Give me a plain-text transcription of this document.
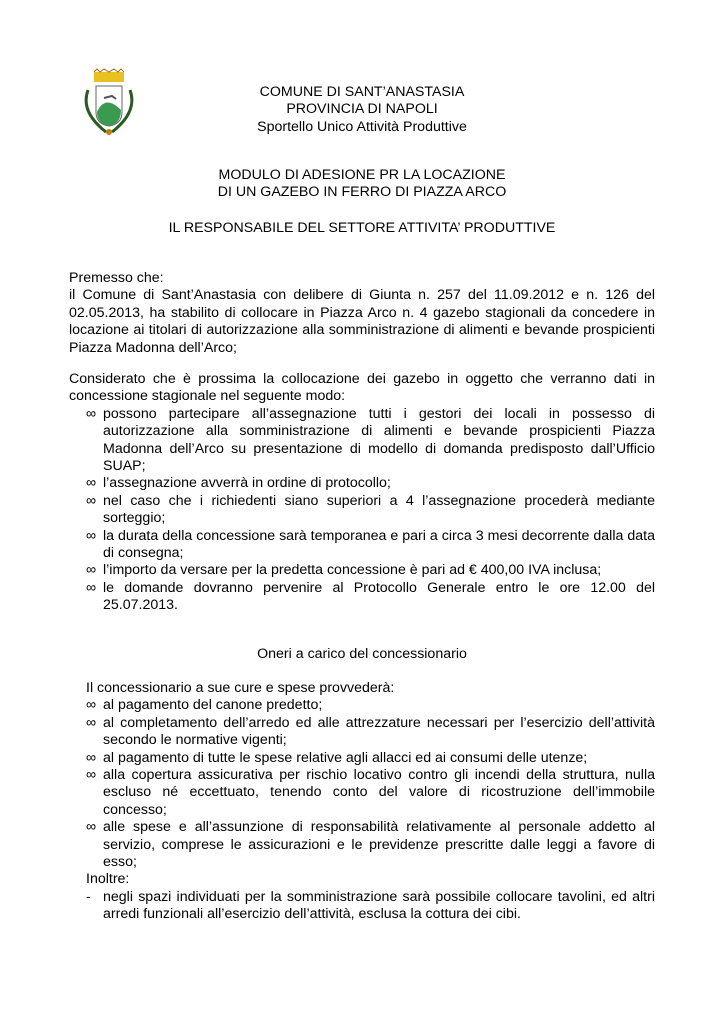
COMUNE DI SANT’ANASTASIA
PROVINCIA DI NAPOLI
Sportello Unico Attività Produttive
MODULO DI ADESIONE PR LA LOCAZIONE
DI UN GAZEBO IN FERRO DI PIAZZA ARCO
IL RESPONSABILE DEL SETTORE ATTIVITA’ PRODUTTIVE

Premesso che:

il Comune di Sant’Anastasia con delibere di Giunta n. 257 del 11.09.2012 e n. 126 del 02.05.2013, ha stabilito di collocare in Piazza Arco n. 4 gazebo stagionali da concedere in locazione ai titolari di autorizzazione alla somministrazione di alimenti e bevande prospicienti Piazza Madonna dell’Arco;

Considerato che è prossima la collocazione dei gazebo in oggetto che verranno dati in concessione stagionale nel seguente modo:

∞ possono partecipare all’assegnazione tutti i gestori dei locali in possesso di autorizzazione alla somministrazione di alimenti e bevande prospicienti Piazza Madonna dell’Arco su presentazione di modello di domanda predisposto dall’Ufficio SUAP;
∞ l’assegnazione avverrà in ordine di protocollo;
∞ nel caso che i richiedenti siano superiori a 4 l’assegnazione procederà mediante sorteggio;
∞ la durata della concessione sarà temporanea e pari a circa 3 mesi decorrente dalla data di consegna;
∞ l’importo da versare per la predetta concessione è pari ad € 400,00 IVA inclusa;
∞ le domande dovranno pervenire al Protocollo Generale entro le ore 12.00 del 25.07.2013.
Oneri a carico del concessionario

Il concessionario a sue cure e spese provvederà:

∞ al pagamento del canone predetto;
∞ al completamento dell’arredo ed alle attrezzature necessari per l’esercizio dell’attività secondo le normative vigenti;
∞ al pagamento di tutte le spese relative agli allacci ed ai consumi delle utenze;
∞ alla copertura assicurativa per rischio locativo contro gli incendi della struttura, nulla escluso né eccettuato, tenendo conto del valore di ricostruzione dell’immobile concesso;
∞ alle spese e all’assunzione di responsabilità relativamente al personale addetto al servizio, comprese le assicurazioni e le previdenze prescritte dalle leggi a favore di esso;

Inoltre:

- negli spazi individuati per la somministrazione sarà possibile collocare tavolini, ed altri arredi funzionali all’esercizio dell’attività, esclusa la cottura dei cibi.
